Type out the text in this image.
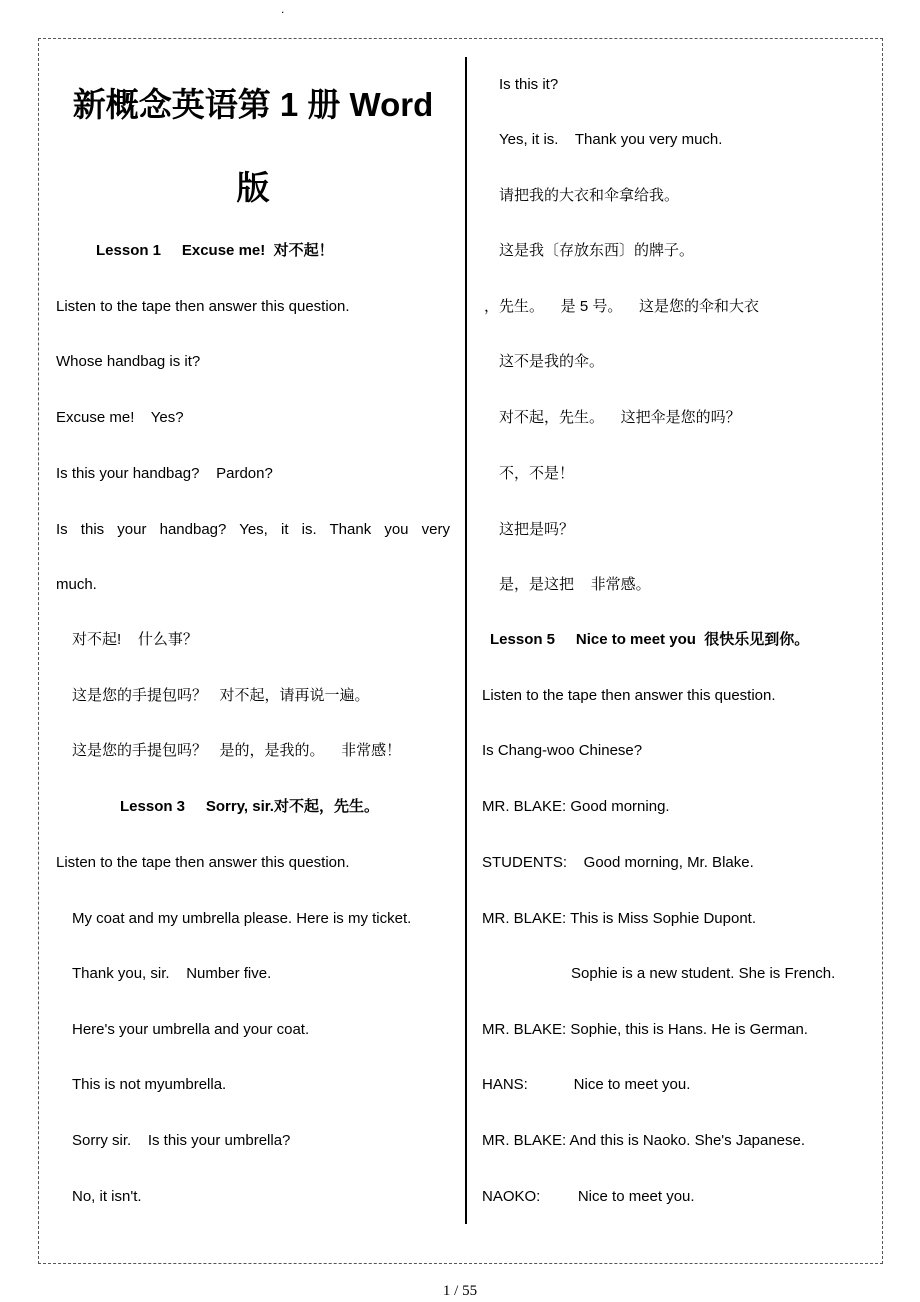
.
新概念英语第 1 册 Word
版
Lesson 1     Excuse me!  对不起！
Listen to the tape then answer this question.
Whose handbag is it?
Excuse me!    Yes?
Is this your handbag?    Pardon?
Is this your handbag? Yes, it is. Thank you very
much.
对不起!    什么事？
这是您的手提包吗？   对不起，请再说一遍。
这是您的手提包吗？   是的，是我的。    非常感！
Lesson 3     Sorry, sir.对不起，先生。
Listen to the tape then answer this question.
My coat and my umbrella please. Here is my ticket.
Thank you, sir.    Number five.
Here's your umbrella and your coat.
This is not myumbrella.
Sorry sir.    Is this your umbrella?
No, it isn't.
Is this it?
Yes, it is.    Thank you very much.
请把我的大衣和伞拿给我。
这是我〔存放东西〕的牌子。
，先生。    是 5 号。    这是您的伞和大衣
这不是我的伞。
对不起，先生。    这把伞是您的吗？
不，不是！
这把是吗？
是，是这把    非常感。
Lesson 5     Nice to meet you  很快乐见到你。
Listen to the tape then answer this question.
Is Chang-woo Chinese?
MR. BLAKE: Good morning.
STUDENTS:    Good morning, Mr. Blake.
MR. BLAKE: This is Miss Sophie Dupont.
Sophie is a new student. She is French.
MR. BLAKE: Sophie, this is Hans. He is German.
HANS:           Nice to meet you.
MR. BLAKE: And this is Naoko. She's Japanese.
NAOKO:         Nice to meet you.
1 / 55
